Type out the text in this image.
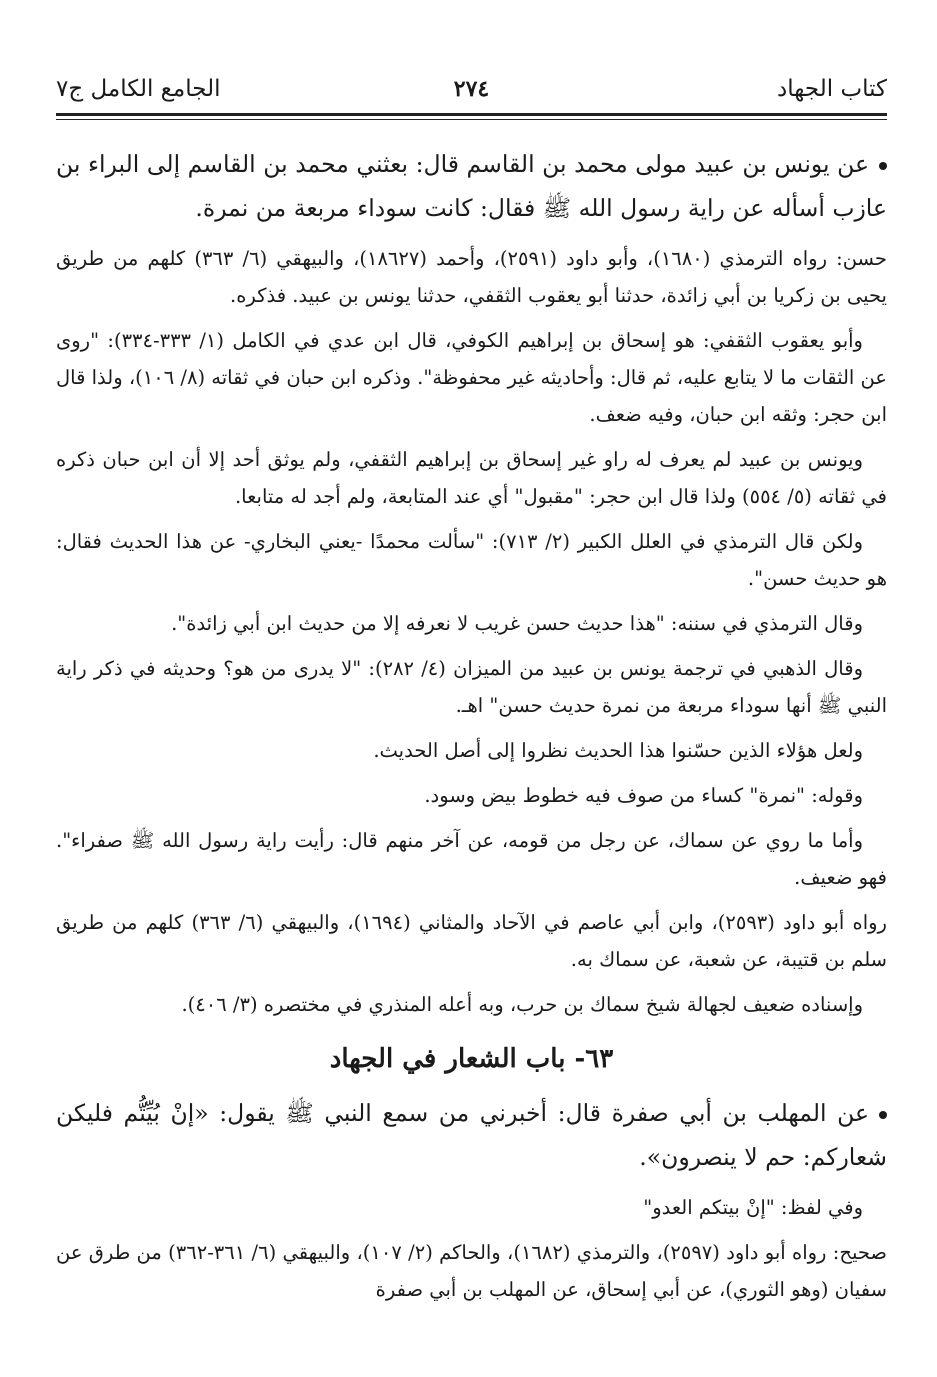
كتاب الجهاد
٢٧٤
الجامع الكامل ج٧

عن يونس بن عبيد مولى محمد بن القاسم قال: بعثني محمد بن القاسم إلى البراء بن عازب أسأله عن راية رسول الله ﷺ فقال: كانت سوداء مربعة من نمرة.

حسن: رواه الترمذي (١٦٨٠)، وأبو داود (٢٥٩١)، وأحمد (١٨٦٢٧)، والبيهقي (٦/ ٣٦٣) كلهم من طريق يحيى بن زكريا بن أبي زائدة، حدثنا أبو يعقوب الثقفي، حدثنا يونس بن عبيد. فذكره.

وأبو يعقوب الثقفي: هو إسحاق بن إبراهيم الكوفي، قال ابن عدي في الكامل (١/ ٣٣٣-٣٣٤): "روى عن الثقات ما لا يتابع عليه، ثم قال: وأحاديثه غير محفوظة". وذكره ابن حبان في ثقاته (٨/ ١٠٦)، ولذا قال ابن حجر: وثقه ابن حبان، وفيه ضعف.

ويونس بن عبيد لم يعرف له راو غير إسحاق بن إبراهيم الثقفي، ولم يوثق أحد إلا أن ابن حبان ذكره في ثقاته (٥/ ٥٥٤) ولذا قال ابن حجر: "مقبول" أي عند المتابعة، ولم أجد له متابعا.

ولكن قال الترمذي في العلل الكبير (٢/ ٧١٣): "سألت محمدًا -يعني البخاري- عن هذا الحديث فقال: هو حديث حسن".

وقال الترمذي في سننه: "هذا حديث حسن غريب لا نعرفه إلا من حديث ابن أبي زائدة".

وقال الذهبي في ترجمة يونس بن عبيد من الميزان (٤/ ٢٨٢): "لا يدرى من هو؟ وحديثه في ذكر راية النبي ﷺ أنها سوداء مربعة من نمرة حديث حسن" اهـ.

ولعل هؤلاء الذين حسّنوا هذا الحديث نظروا إلى أصل الحديث.

وقوله: "نمرة" كساء من صوف فيه خطوط بيض وسود.

وأما ما روي عن سماك، عن رجل من قومه، عن آخر منهم قال: رأيت راية رسول الله ﷺ صفراء". فهو ضعيف.

رواه أبو داود (٢٥٩٣)، وابن أبي عاصم في الآحاد والمثاني (١٦٩٤)، والبيهقي (٦/ ٣٦٣) كلهم من طريق سلم بن قتيبة، عن شعبة، عن سماك به.

وإسناده ضعيف لجهالة شيخ سماك بن حرب، وبه أعله المنذري في مختصره (٣/ ٤٠٦).

٦٣- باب الشعار في الجهاد

عن المهلب بن أبي صفرة قال: أخبرني من سمع النبي ﷺ يقول: «إنْ بُيِّتُّم فليكن شعاركم: حم لا ينصرون».

وفي لفظ: "إنْ بيتكم العدو"

صحيح: رواه أبو داود (٢٥٩٧)، والترمذي (١٦٨٢)، والحاكم (٢/ ١٠٧)، والبيهقي (٦/ ٣٦١-٣٦٢) من طرق عن سفيان (وهو الثوري)، عن أبي إسحاق، عن المهلب بن أبي صفرة
